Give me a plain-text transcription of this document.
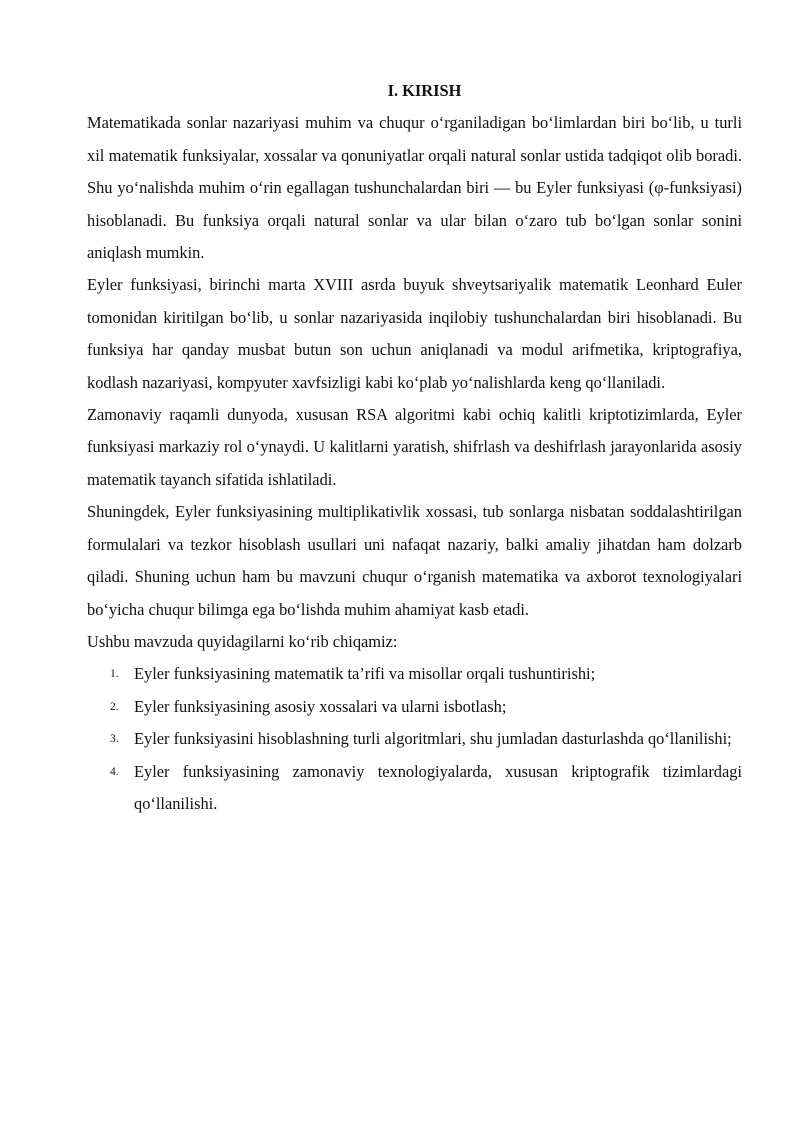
I. KIRISH

Matematikada sonlar nazariyasi muhim va chuqur o‘rganiladigan bo‘limlardan biri bo‘lib, u turli xil matematik funksiyalar, xossalar va qonuniyatlar orqali natural sonlar ustida tadqiqot olib boradi. Shu yo‘nalishda muhim o‘rin egallagan tushunchalardan biri — bu Eyler funksiyasi (φ-funksiyasi) hisoblanadi. Bu funksiya orqali natural sonlar va ular bilan o‘zaro tub bo‘lgan sonlar sonini aniqlash mumkin.

Eyler funksiyasi, birinchi marta XVIII asrda buyuk shveytsariyalik matematik Leonhard Euler tomonidan kiritilgan bo‘lib, u sonlar nazariyasida inqilobiy tushunchalardan biri hisoblanadi. Bu funksiya har qanday musbat butun son uchun aniqlanadi va modul arifmetika, kriptografiya, kodlash nazariyasi, kompyuter xavfsizligi kabi ko‘plab yo‘nalishlarda keng qo‘llaniladi.

Zamonaviy raqamli dunyoda, xususan RSA algoritmi kabi ochiq kalitli kriptotizimlarda, Eyler funksiyasi markaziy rol o‘ynaydi. U kalitlarni yaratish, shifrlash va deshifrlash jarayonlarida asosiy matematik tayanch sifatida ishlatiladi.

Shuningdek, Eyler funksiyasining multiplikativlik xossasi, tub sonlarga nisbatan soddalashtirilgan formulalari va tezkor hisoblash usullari uni nafaqat nazariy, balki amaliy jihatdan ham dolzarb qiladi. Shuning uchun ham bu mavzuni chuqur o‘rganish matematika va axborot texnologiyalari bo‘yicha chuqur bilimga ega bo‘lishda muhim ahamiyat kasb etadi.

Ushbu mavzuda quyidagilarni ko‘rib chiqamiz:

1. Eyler funksiyasining matematik ta’rifi va misollar orqali tushuntirishi;
2. Eyler funksiyasining asosiy xossalari va ularni isbotlash;
3. Eyler funksiyasini hisoblashning turli algoritmlari, shu jumladan dasturlashda qo‘llanilishi;
4. Eyler funksiyasining zamonaviy texnologiyalarda, xususan kriptografik tizimlardagi qo‘llanilishi.
